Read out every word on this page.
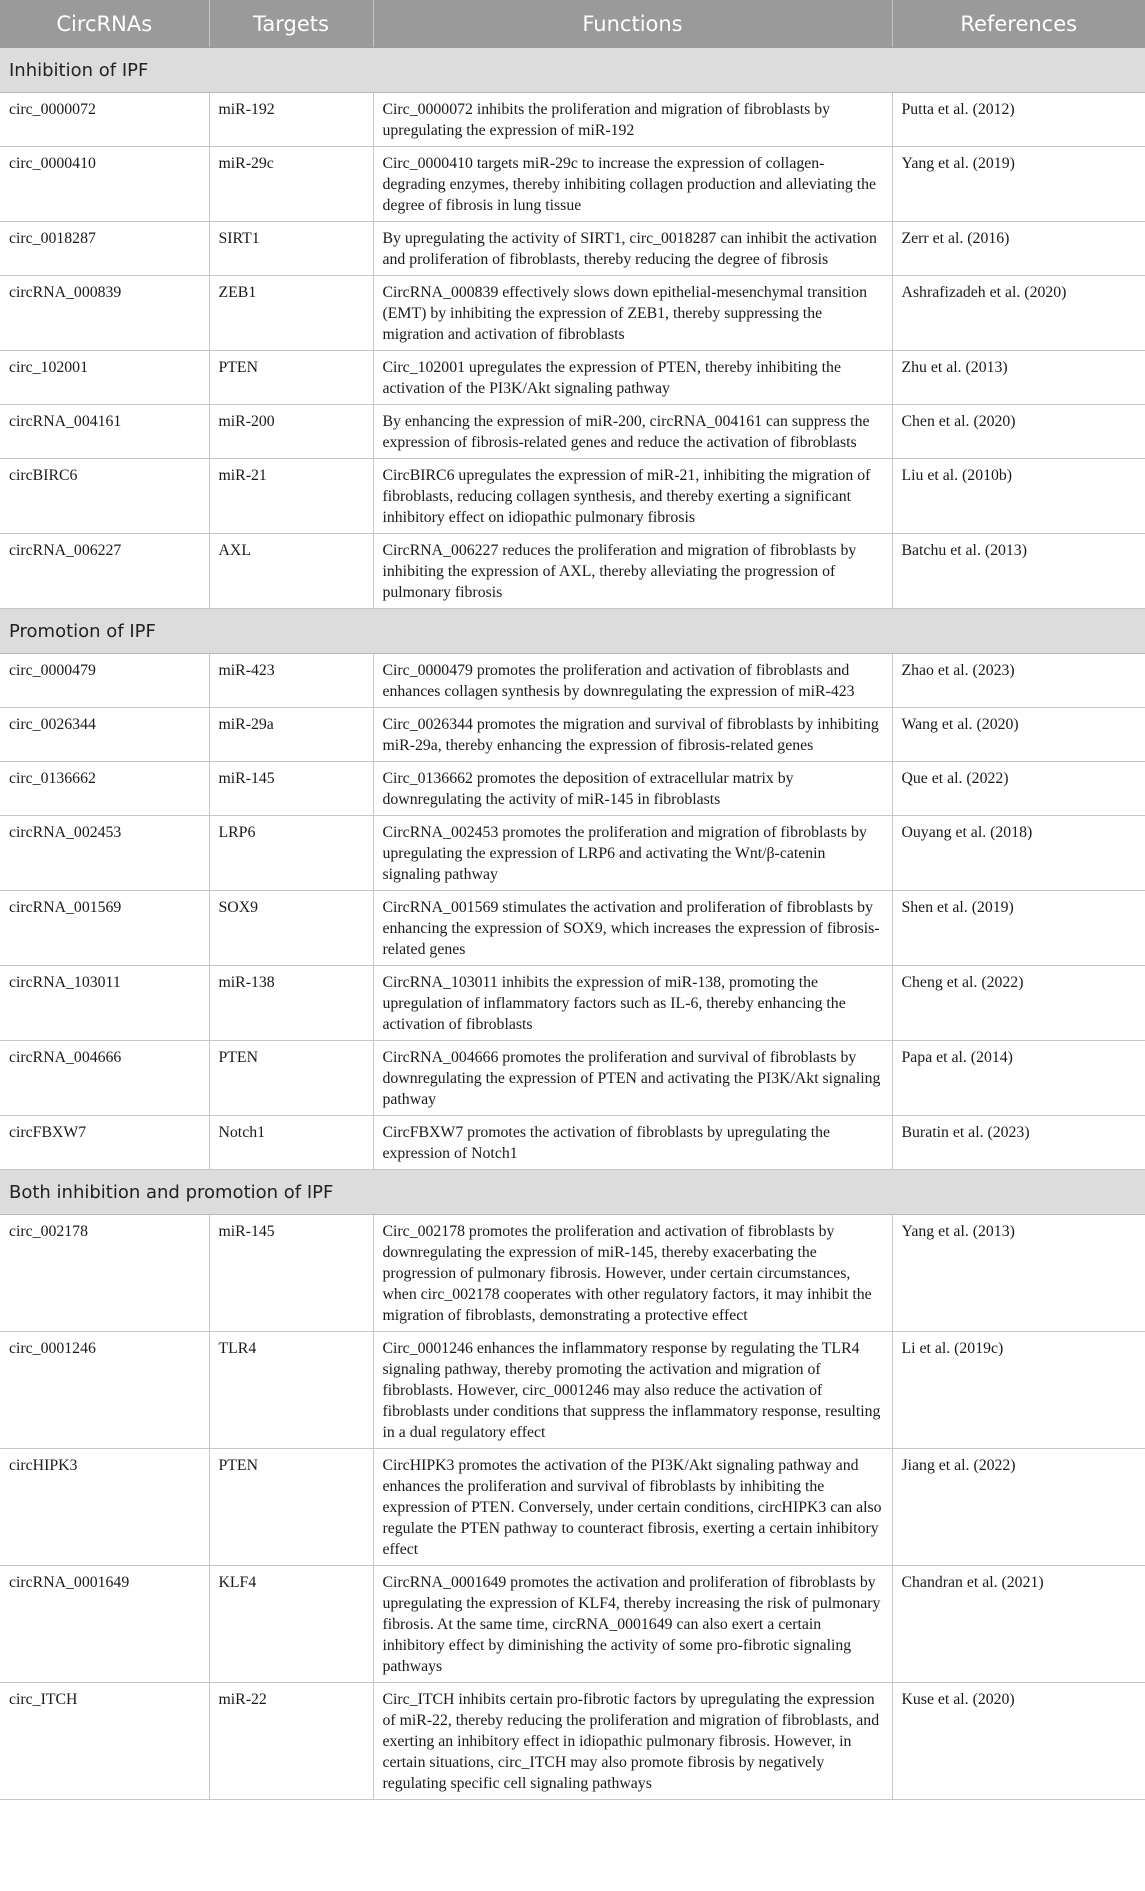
CircRNAs	Targets	Functions	References
Inhibition of IPF			
circ_0000072	miR-192	Circ_0000072 inhibits the proliferation and migration of fibroblasts by upregulating the expression of miR-192	Putta et al. (2012)
circ_0000410	miR-29c	Circ_0000410 targets miR-29c to increase the expression of collagen-degrading enzymes, thereby inhibiting collagen production and alleviating the degree of fibrosis in lung tissue	Yang et al. (2019)
circ_0018287	SIRT1	By upregulating the activity of SIRT1, circ_0018287 can inhibit the activation and proliferation of fibroblasts, thereby reducing the degree of fibrosis	Zerr et al. (2016)
circRNA_000839	ZEB1	CircRNA_000839 effectively slows down epithelial-mesenchymal transition (EMT) by inhibiting the expression of ZEB1, thereby suppressing the migration and activation of fibroblasts	Ashrafizadeh et al. (2020)
circ_102001	PTEN	Circ_102001 upregulates the expression of PTEN, thereby inhibiting the activation of the PI3K/Akt signaling pathway	Zhu et al. (2013)
circRNA_004161	miR-200	By enhancing the expression of miR-200, circRNA_004161 can suppress the expression of fibrosis-related genes and reduce the activation of fibroblasts	Chen et al. (2020)
circBIRC6	miR-21	CircBIRC6 upregulates the expression of miR-21, inhibiting the migration of fibroblasts, reducing collagen synthesis, and thereby exerting a significant inhibitory effect on idiopathic pulmonary fibrosis	Liu et al. (2010b)
circRNA_006227	AXL	CircRNA_006227 reduces the proliferation and migration of fibroblasts by inhibiting the expression of AXL, thereby alleviating the progression of pulmonary fibrosis	Batchu et al. (2013)
Promotion of IPF			
circ_0000479	miR-423	Circ_0000479 promotes the proliferation and activation of fibroblasts and enhances collagen synthesis by downregulating the expression of miR-423	Zhao et al. (2023)
circ_0026344	miR-29a	Circ_0026344 promotes the migration and survival of fibroblasts by inhibiting miR-29a, thereby enhancing the expression of fibrosis-related genes	Wang et al. (2020)
circ_0136662	miR-145	Circ_0136662 promotes the deposition of extracellular matrix by downregulating the activity of miR-145 in fibroblasts	Que et al. (2022)
circRNA_002453	LRP6	CircRNA_002453 promotes the proliferation and migration of fibroblasts by upregulating the expression of LRP6 and activating the Wnt/β-catenin signaling pathway	Ouyang et al. (2018)
circRNA_001569	SOX9	CircRNA_001569 stimulates the activation and proliferation of fibroblasts by enhancing the expression of SOX9, which increases the expression of fibrosis-related genes	Shen et al. (2019)
circRNA_103011	miR-138	CircRNA_103011 inhibits the expression of miR-138, promoting the upregulation of inflammatory factors such as IL-6, thereby enhancing the activation of fibroblasts	Cheng et al. (2022)
circRNA_004666	PTEN	CircRNA_004666 promotes the proliferation and survival of fibroblasts by downregulating the expression of PTEN and activating the PI3K/Akt signaling pathway	Papa et al. (2014)
circFBXW7	Notch1	CircFBXW7 promotes the activation of fibroblasts by upregulating the expression of Notch1	Buratin et al. (2023)
Both inhibition and promotion of IPF			
circ_002178	miR-145	Circ_002178 promotes the proliferation and activation of fibroblasts by downregulating the expression of miR-145, thereby exacerbating the progression of pulmonary fibrosis. However, under certain circumstances, when circ_002178 cooperates with other regulatory factors, it may inhibit the migration of fibroblasts, demonstrating a protective effect	Yang et al. (2013)
circ_0001246	TLR4	Circ_0001246 enhances the inflammatory response by regulating the TLR4 signaling pathway, thereby promoting the activation and migration of fibroblasts. However, circ_0001246 may also reduce the activation of fibroblasts under conditions that suppress the inflammatory response, resulting in a dual regulatory effect	Li et al. (2019c)
circHIPK3	PTEN	CircHIPK3 promotes the activation of the PI3K/Akt signaling pathway and enhances the proliferation and survival of fibroblasts by inhibiting the expression of PTEN. Conversely, under certain conditions, circHIPK3 can also regulate the PTEN pathway to counteract fibrosis, exerting a certain inhibitory effect	Jiang et al. (2022)
circRNA_0001649	KLF4	CircRNA_0001649 promotes the activation and proliferation of fibroblasts by upregulating the expression of KLF4, thereby increasing the risk of pulmonary fibrosis. At the same time, circRNA_0001649 can also exert a certain inhibitory effect by diminishing the activity of some pro-fibrotic signaling pathways	Chandran et al. (2021)
circ_ITCH	miR-22	Circ_ITCH inhibits certain pro-fibrotic factors by upregulating the expression of miR-22, thereby reducing the proliferation and migration of fibroblasts, and exerting an inhibitory effect in idiopathic pulmonary fibrosis. However, in certain situations, circ_ITCH may also promote fibrosis by negatively regulating specific cell signaling pathways	Kuse et al. (2020)
